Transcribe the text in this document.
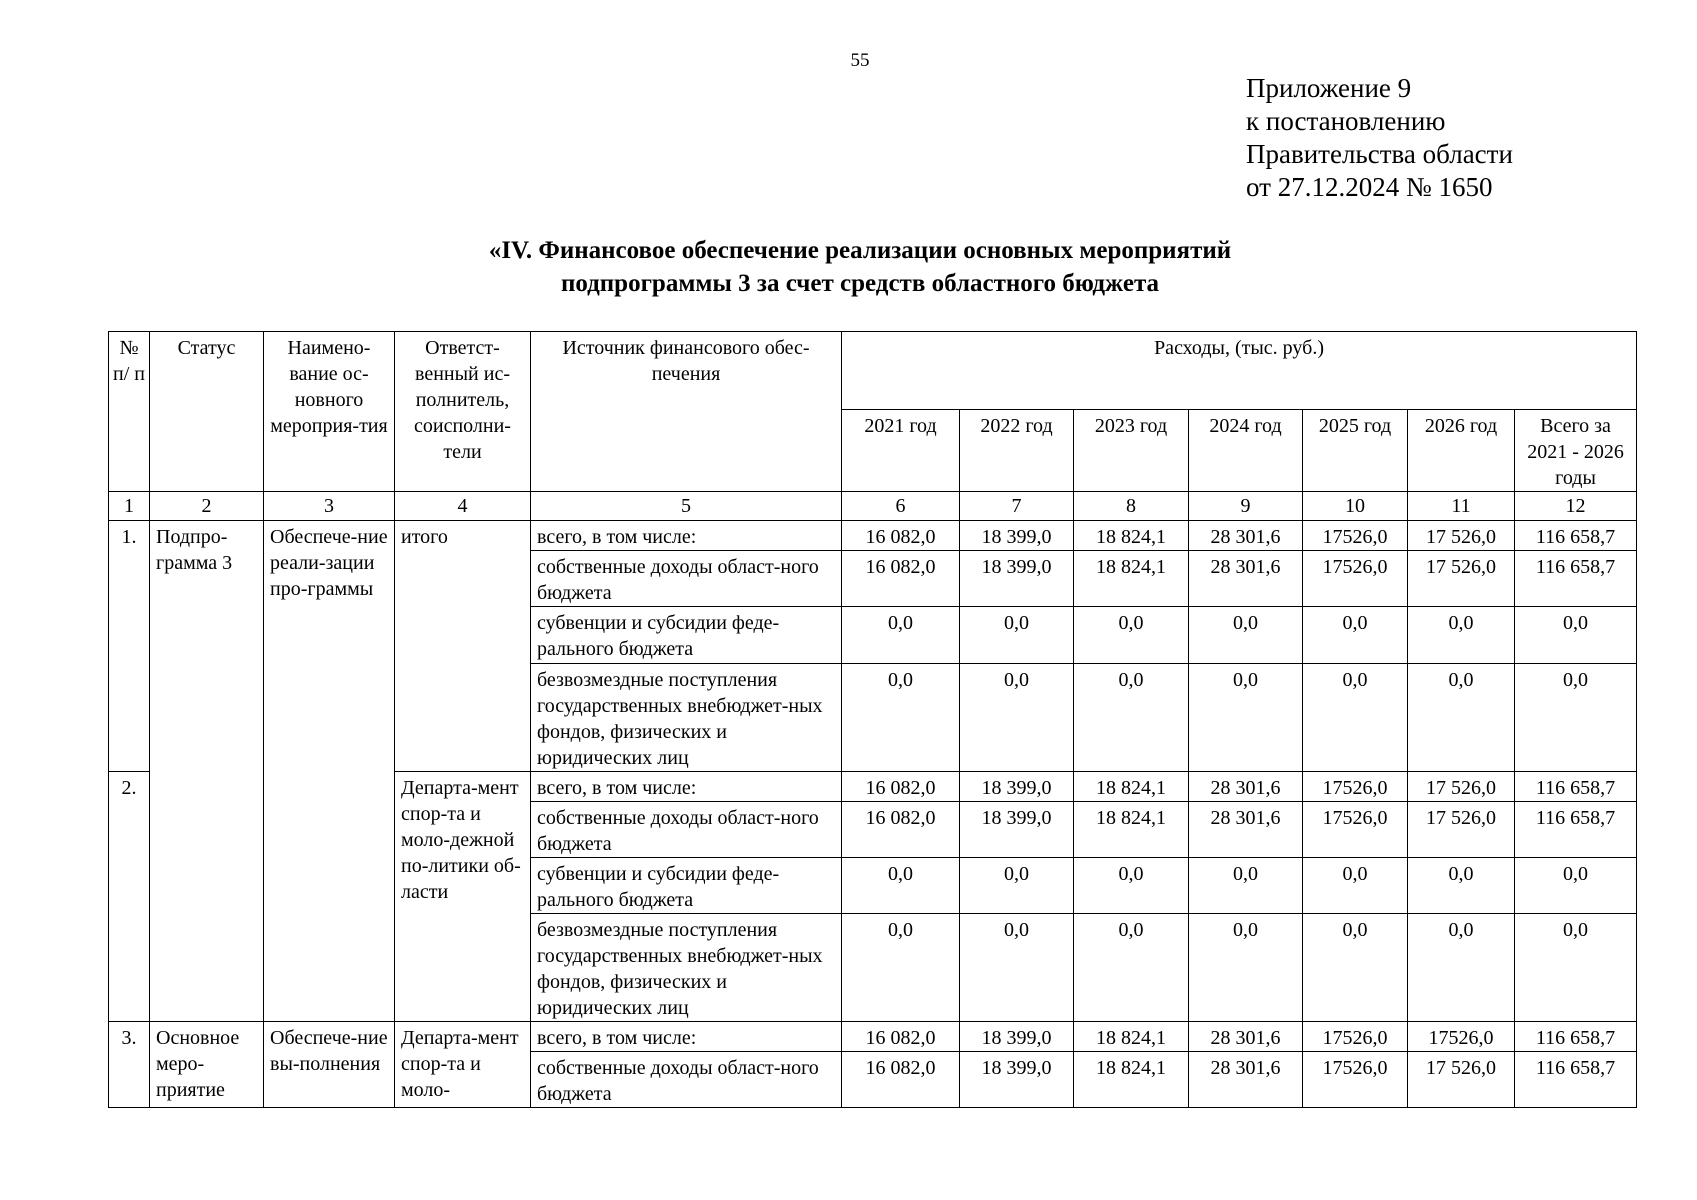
55
Приложение 9
к постановлению
Правительства области
от 27.12.2024 № 1650
«IV. Финансовое обеспечение реализации основных мероприятий
подпрограммы 3 за счет средств областного бюджета
№ п/ п	Статус	Наимено-вание ос-новного мероприя-тия	Ответст-венный ис-полнитель, соисполни-тели	Источник финансового обес-печения	Расходы, (тыс. руб.)						
					2021 год	2022 год	2023 год	2024 год	2025 год	2026 год	Всего за 2021 - 2026 годы
1	2	3	4	5	6	7	8	9	10	11	12
1.	Подпро-грамма 3	Обеспече-ние реали-зации про-граммы	итого	всего, в том числе:	16 082,0	18 399,0	18 824,1	28 301,6	17526,0	17 526,0	116 658,7
				собственные доходы област-ного бюджета	16 082,0	18 399,0	18 824,1	28 301,6	17526,0	17 526,0	116 658,7
				субвенции и субсидии феде-рального бюджета	0,0	0,0	0,0	0,0	0,0	0,0	0,0
				безвозмездные поступления государственных внебюджет-ных фондов, физических и юридических лиц	0,0	0,0	0,0	0,0	0,0	0,0	0,0
2.			Департа-мент спор-та и моло-дежной по-литики об-ласти	всего, в том числе:	16 082,0	18 399,0	18 824,1	28 301,6	17526,0	17 526,0	116 658,7
				собственные доходы област-ного бюджета	16 082,0	18 399,0	18 824,1	28 301,6	17526,0	17 526,0	116 658,7
				субвенции и субсидии феде-рального бюджета	0,0	0,0	0,0	0,0	0,0	0,0	0,0
				безвозмездные поступления государственных внебюджет-ных фондов, физических и юридических лиц	0,0	0,0	0,0	0,0	0,0	0,0	0,0
3.	Основное меро-приятие	Обеспече-ние вы-полнения	Департа-мент спор-та и моло-	всего, в том числе:	16 082,0	18 399,0	18 824,1	28 301,6	17526,0	17526,0	116 658,7
				собственные доходы област-ного бюджета	16 082,0	18 399,0	18 824,1	28 301,6	17526,0	17 526,0	116 658,7
